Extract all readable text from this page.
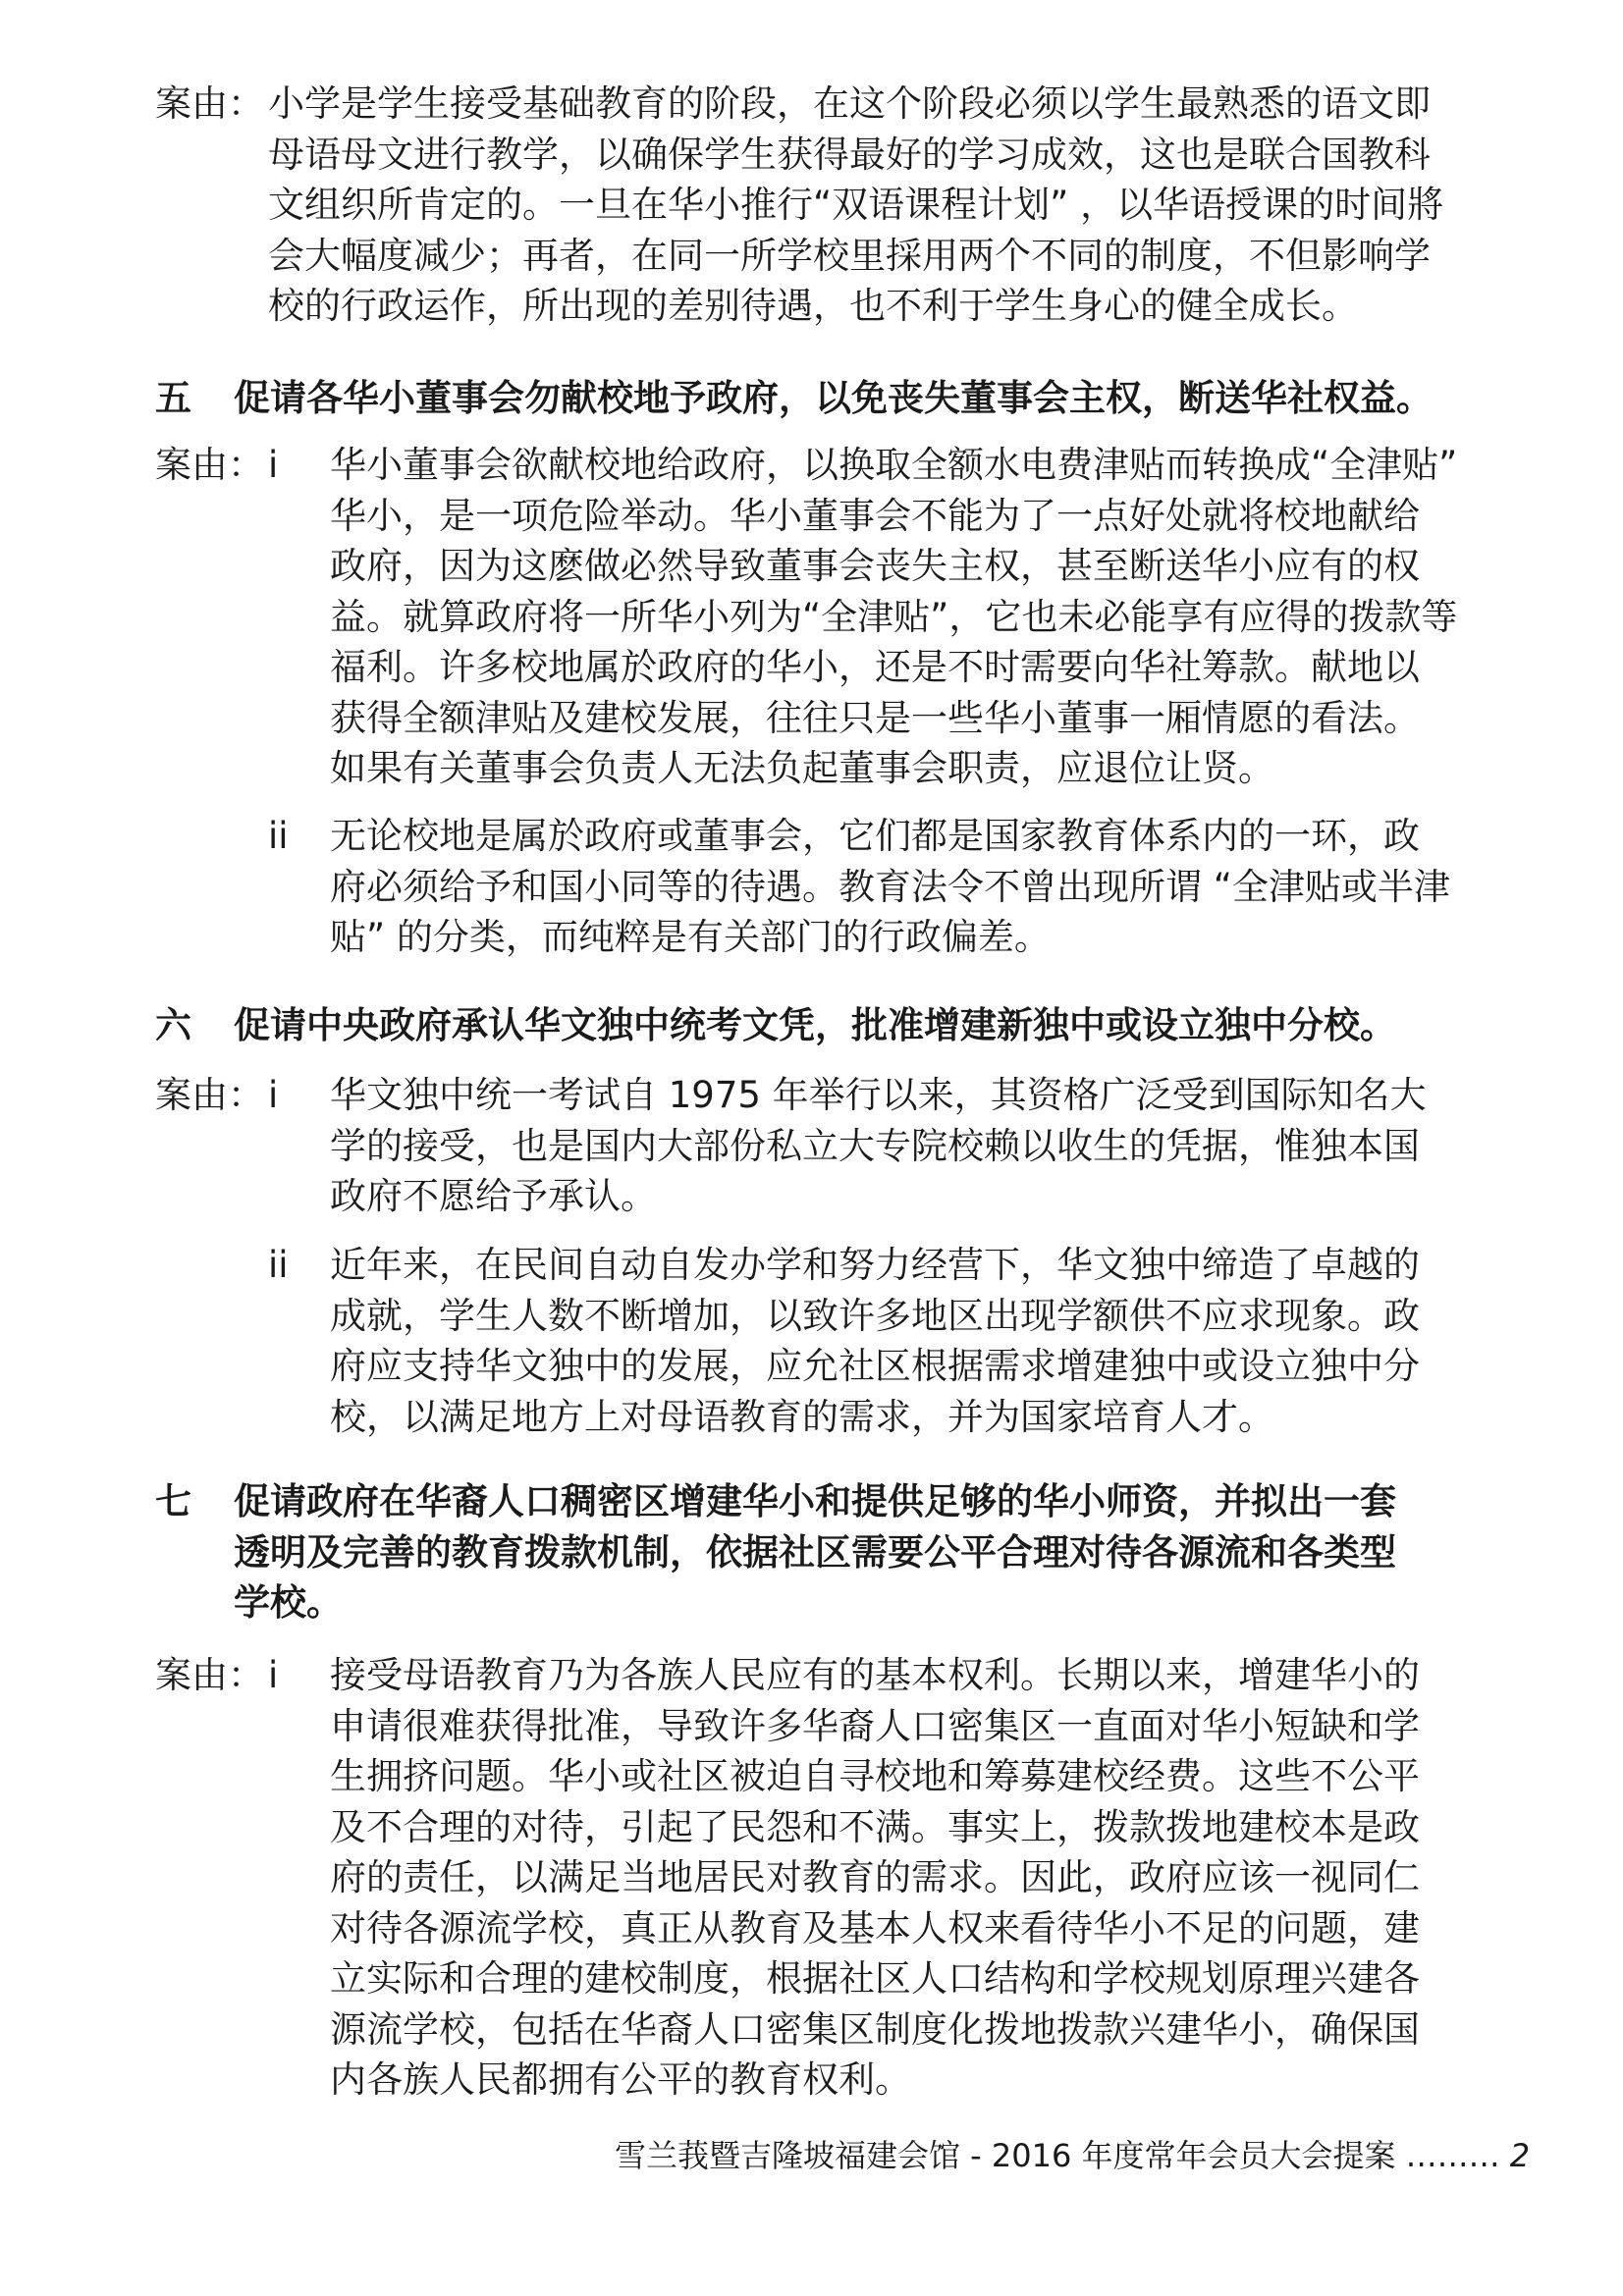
案由： 小学是学生接受基础教育的阶段，在这个阶段必须以学生最熟悉的语文即
母语母文进行教学，以确保学生获得最好的学习成效，这也是联合国教科
文组织所肯定的。一旦在华小推行“双语课程计划” ，以华语授课的时间將
会大幅度减少；再者，在同一所学校里採用两个不同的制度，不但影响学
校的行政运作，所出现的差别待遇，也不利于学生身心的健全成长。
五 促请各华小董事会勿献校地予政府，以免丧失董事会主权，断送华社权益。
案由： i 华小董事会欲献校地给政府，以换取全额水电费津贴而转换成“全津贴”
华小，是一项危险举动。华小董事会不能为了一点好处就将校地献给
政府，因为这麽做必然导致董事会丧失主权，甚至断送华小应有的权
益。就算政府将一所华小列为“全津贴”，它也未必能享有应得的拨款等
福利。许多校地属於政府的华小，还是不时需要向华社筹款。献地以
获得全额津贴及建校发展，往往只是一些华小董事一厢情愿的看法。
如果有关董事会负责人无法负起董事会职责，应退位让贤。
ii 无论校地是属於政府或董事会，它们都是国家教育体系内的一环，政
府必须给予和国小同等的待遇。教育法令不曾出现所谓 “全津贴或半津
贴” 的分类，而纯粹是有关部门的行政偏差。
六 促请中央政府承认华文独中统考文凭，批准增建新独中或设立独中分校。
案由： i 华文独中统一考试自 1975 年举行以来，其资格广泛受到国际知名大
学的接受，也是国内大部份私立大专院校赖以收生的凭据，惟独本国
政府不愿给予承认。
ii 近年来，在民间自动自发办学和努力经营下，华文独中缔造了卓越的
成就，学生人数不断增加，以致许多地区出现学额供不应求现象。政
府应支持华文独中的发展，应允社区根据需求增建独中或设立独中分
校，以满足地方上对母语教育的需求，并为国家培育人才。
七 促请政府在华裔人口稠密区增建华小和提供足够的华小师资，并拟出一套
透明及完善的教育拨款机制，依据社区需要公平合理对待各源流和各类型
学校。
案由： i 接受母语教育乃为各族人民应有的基本权利。长期以来，增建华小的
申请很难获得批准，导致许多华裔人口密集区一直面对华小短缺和学
生拥挤问题。华小或社区被迫自寻校地和筹募建校经费。这些不公平
及不合理的对待，引起了民怨和不满。事实上，拨款拨地建校本是政
府的责任，以满足当地居民对教育的需求。因此，政府应该一视同仁
对待各源流学校，真正从教育及基本人权来看待华小不足的问题，建
立实际和合理的建校制度，根据社区人口结构和学校规划原理兴建各
源流学校，包括在华裔人口密集区制度化拨地拨款兴建华小，确保国
内各族人民都拥有公平的教育权利。
雪兰莪暨吉隆坡福建会馆 - 2016 年度常年会员大会提案 ……… 2
